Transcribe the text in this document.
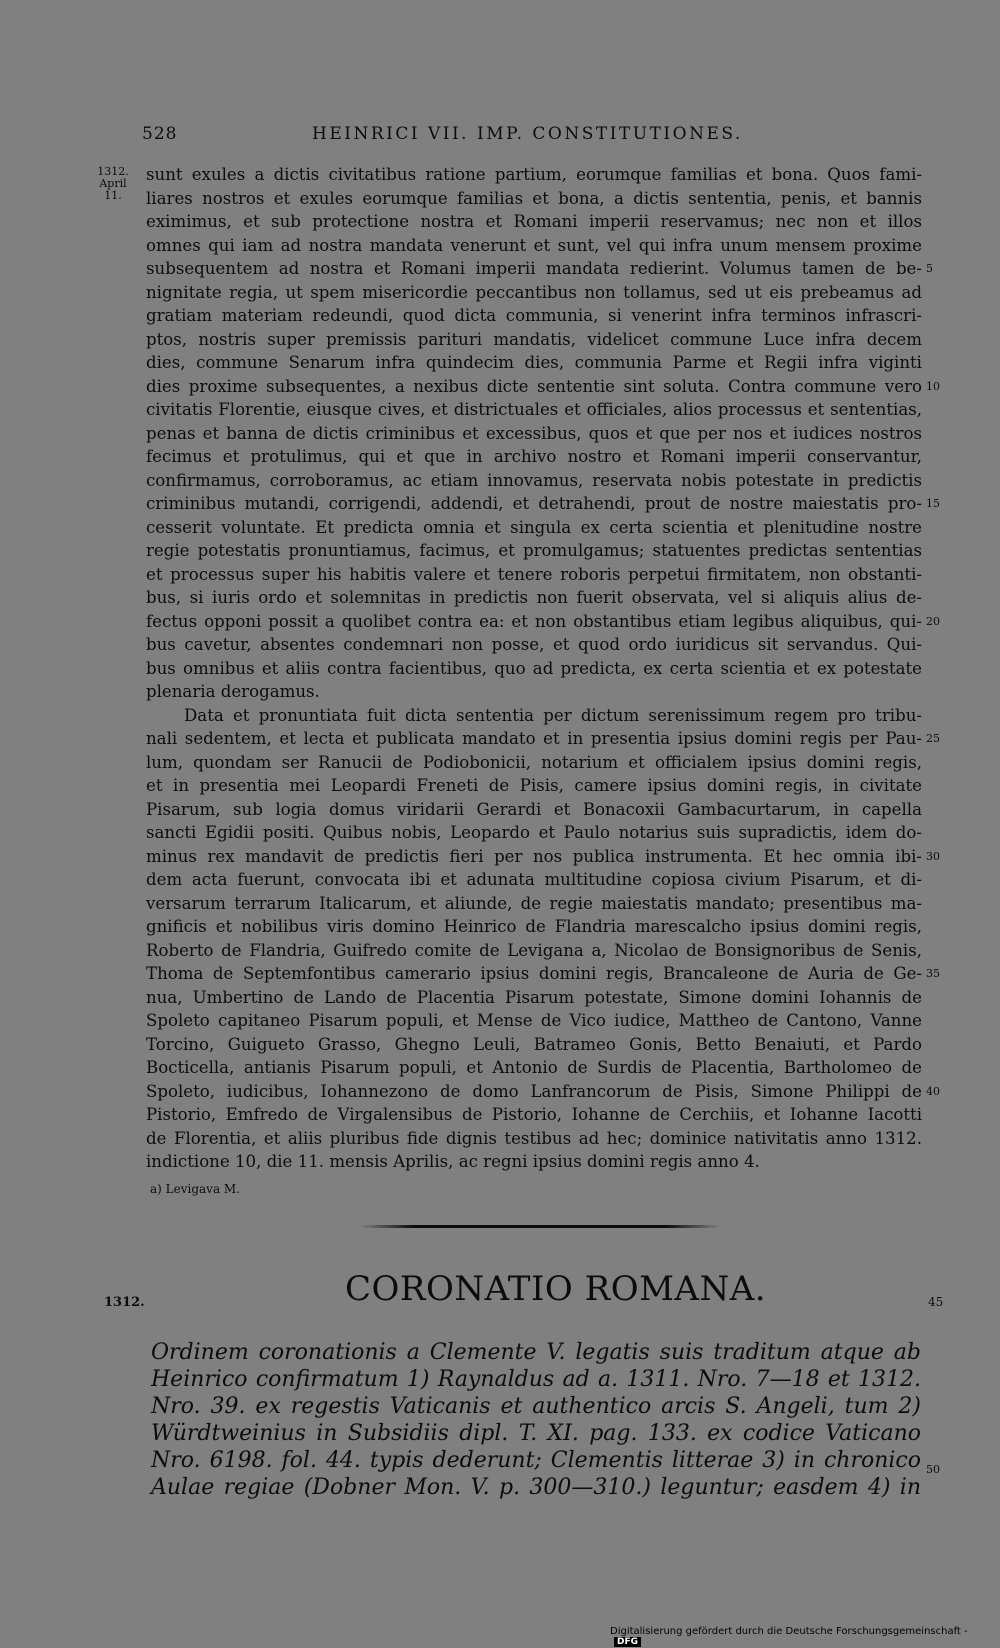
528	HEINRICI VII. IMP. CONSTITUTIONES.
1312.
April
11.
sunt exules a dictis civitatibus ratione partium, eorumque familias et bona. Quos fami-
liares nostros et exules eorumque familias et bona, a dictis sententia, penis, et bannis
eximimus, et sub protectione nostra et Romani imperii reservamus; nec non et illos
omnes qui iam ad nostra mandata venerunt et sunt, vel qui infra unum mensem proxime
subsequentem ad nostra et Romani imperii mandata redierint. Volumus tamen de be-
nignitate regia, ut spem misericordie peccantibus non tollamus, sed ut eis prebeamus ad
gratiam materiam redeundi, quod dicta communia, si venerint infra terminos infrascri-
ptos, nostris super premissis parituri mandatis, videlicet commune Luce infra decem
dies, commune Senarum infra quindecim dies, communia Parme et Regii infra viginti
dies proxime subsequentes, a nexibus dicte sententie sint soluta. Contra commune vero
civitatis Florentie, eiusque cives, et districtuales et officiales, alios processus et sententias,
penas et banna de dictis criminibus et excessibus, quos et que per nos et iudices nostros
fecimus et protulimus, qui et que in archivo nostro et Romani imperii conservantur,
confirmamus, corroboramus, ac etiam innovamus, reservata nobis potestate in predictis
criminibus mutandi, corrigendi, addendi, et detrahendi, prout de nostre maiestatis pro-
cesserit voluntate. Et predicta omnia et singula ex certa scientia et plenitudine nostre
regie potestatis pronuntiamus, facimus, et promulgamus; statuentes predictas sententias
et processus super his habitis valere et tenere roboris perpetui firmitatem, non obstanti-
bus, si iuris ordo et solemnitas in predictis non fuerit observata, vel si aliquis alius de-
fectus opponi possit a quolibet contra ea: et non obstantibus etiam legibus aliquibus, qui-
bus cavetur, absentes condemnari non posse, et quod ordo iuridicus sit servandus. Qui-
bus omnibus et aliis contra facientibus, quo ad predicta, ex certa scientia et ex potestate
plenaria derogamus.
Data et pronuntiata fuit dicta sententia per dictum serenissimum regem pro tribu-
nali sedentem, et lecta et publicata mandato et in presentia ipsius domini regis per Pau-
lum, quondam ser Ranucii de Podiobonicii, notarium et officialem ipsius domini regis,
et in presentia mei Leopardi Freneti de Pisis, camere ipsius domini regis, in civitate
Pisarum, sub logia domus viridarii Gerardi et Bonacoxii Gambacurtarum, in capella
sancti Egidii positi. Quibus nobis, Leopardo et Paulo notarius suis supradictis, idem do-
minus rex mandavit de predictis fieri per nos publica instrumenta. Et hec omnia ibi-
dem acta fuerunt, convocata ibi et adunata multitudine copiosa civium Pisarum, et di-
versarum terrarum Italicarum, et aliunde, de regie maiestatis mandato; presentibus ma-
gnificis et nobilibus viris domino Heinrico de Flandria marescalcho ipsius domini regis,
Roberto de Flandria, Guifredo comite de Levigana a, Nicolao de Bonsignoribus de Senis,
Thoma de Septemfontibus camerario ipsius domini regis, Brancaleone de Auria de Ge-
nua, Umbertino de Lando de Placentia Pisarum potestate, Simone domini Iohannis de
Spoleto capitaneo Pisarum populi, et Mense de Vico iudice, Mattheo de Cantono, Vanne
Torcino, Guigueto Grasso, Ghegno Leuli, Batrameo Gonis, Betto Benaiuti, et Pardo
Bocticella, antianis Pisarum populi, et Antonio de Surdis de Placentia, Bartholomeo de
Spoleto, iudicibus, Iohannezono de domo Lanfrancorum de Pisis, Simone Philippi de
Pistorio, Emfredo de Virgalensibus de Pistorio, Iohanne de Cerchiis, et Iohanne Iacotti
de Florentia, et aliis pluribus fide dignis testibus ad hec; dominice nativitatis anno 1312.
indictione 10, die 11. mensis Aprilis, ac regni ipsius domini regis anno 4.
5
10
15
20
25
30
35
40
a) Levigava M.
1312.	CORONATIO ROMANA.	45
Ordinem coronationis a Clemente V. legatis suis traditum atque ab
Heinrico confirmatum 1) Raynaldus ad a. 1311. Nro. 7—18 et 1312.
Nro. 39. ex regestis Vaticanis et authentico arcis S. Angeli, tum 2)
Würdtweinius in Subsidiis dipl. T. XI. pag. 133. ex codice Vaticano
Nro. 6198. fol. 44. typis dederunt; Clementis litterae 3) in chronico
Aulae regiae (Dobner Mon. V. p. 300—310.) leguntur; easdem 4) in
50
Digitalisierung gefördert durch die Deutsche Forschungsgemeinschaft - DFG
